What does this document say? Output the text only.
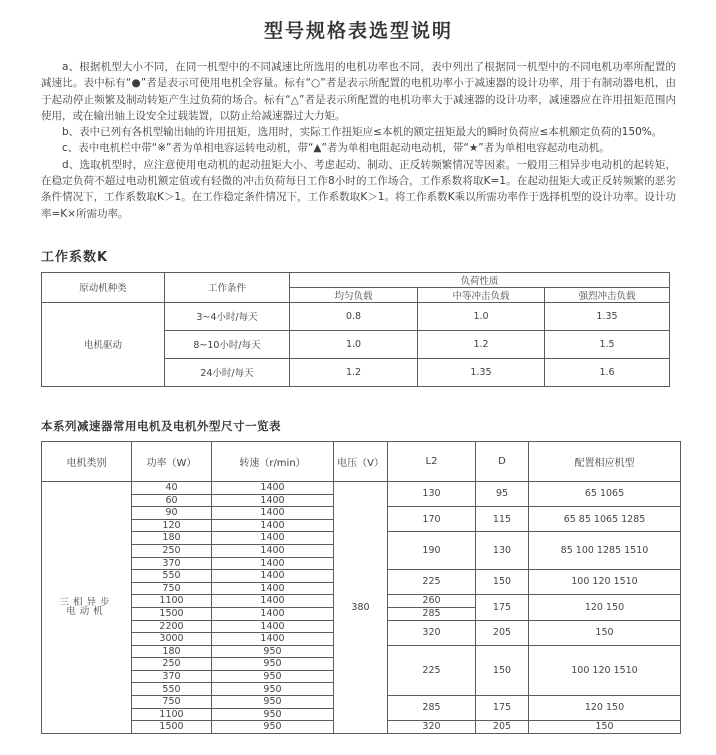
型号规格表选型说明

a、根据机型大小不同，在同一机型中的不同减速比所选用的电机功率也不同，表中列出了根据同一机型中的不同电机功率所配置的减速比。表中标有“●”者是表示可使用电机全容量。标有“○”者是表示所配置的电机功率小于减速器的设计功率，用于有制动器电机，由于起动停止频繁及制动转矩产生过负荷的场合。标有“△”者是表示所配置的电机功率大于减速器的设计功率，减速器应在许用扭矩范围内使用，或在输出轴上设安全过载装置，以防止给减速器过大力矩。

b、表中已列有各机型输出轴的许用扭矩，选用时，实际工作扭矩应≤本机的额定扭矩最大的瞬时负荷应≤本机额定负荷的150%。

c、表中电机栏中带“※”者为单相电容运转电动机，带“▲”者为单相电阻起动电动机，带“★”者为单相电容起动电动机。

d、选取机型时，应注意使用电动机的起动扭矩大小、考虑起动、制动、正反转频繁情况等因素。一般用三相异步电动机的起转矩，在稳定负荷不超过电动机额定值或有轻微的冲击负荷每日工作8小时的工作场合，工作系数将取K=1。在起动扭矩大或正反转频繁的恶劣条件情况下，工作系数取K＞1。在工作稳定条件情况下，工作系数取K＞1。将工作系数K乘以所需功率作于选择机型的设计功率。设计功率=K×所需功率。

工作系数K
原动机种类	工作条件	负荷性质		
		均匀负载	中等冲击负载	强烈冲击负载
电机驱动	3~4小时/每天	0.8	1.0	1.35
	8~10小时/每天	1.0	1.2	1.5
	24小时/每天	1.2	1.35	1.6
本系列减速器常用电机及电机外型尺寸一览表
电机类别	功率（W）	转速（r/min）	电压（V）	L2	D	配置相应机型

三相异步
电动机	40	1400	380	130	95	65 1065
	60	1400				
	90	1400		170	115	65 85 1065 1285
	120	1400				
	180	1400		190	130	85 100 1285 1510
	250	1400				
	370	1400				
	550	1400		225	150	100 120 1510
	750	1400				
	1100	1400		260	175	120 150
	1500	1400		285		
	2200	1400		320	205	150
	3000	1400				
	180	950		225	150	100 120 1510
	250	950				
	370	950				
	550	950				
	750	950		285	175	120 150
	1100	950				
	1500	950		320	205	150
